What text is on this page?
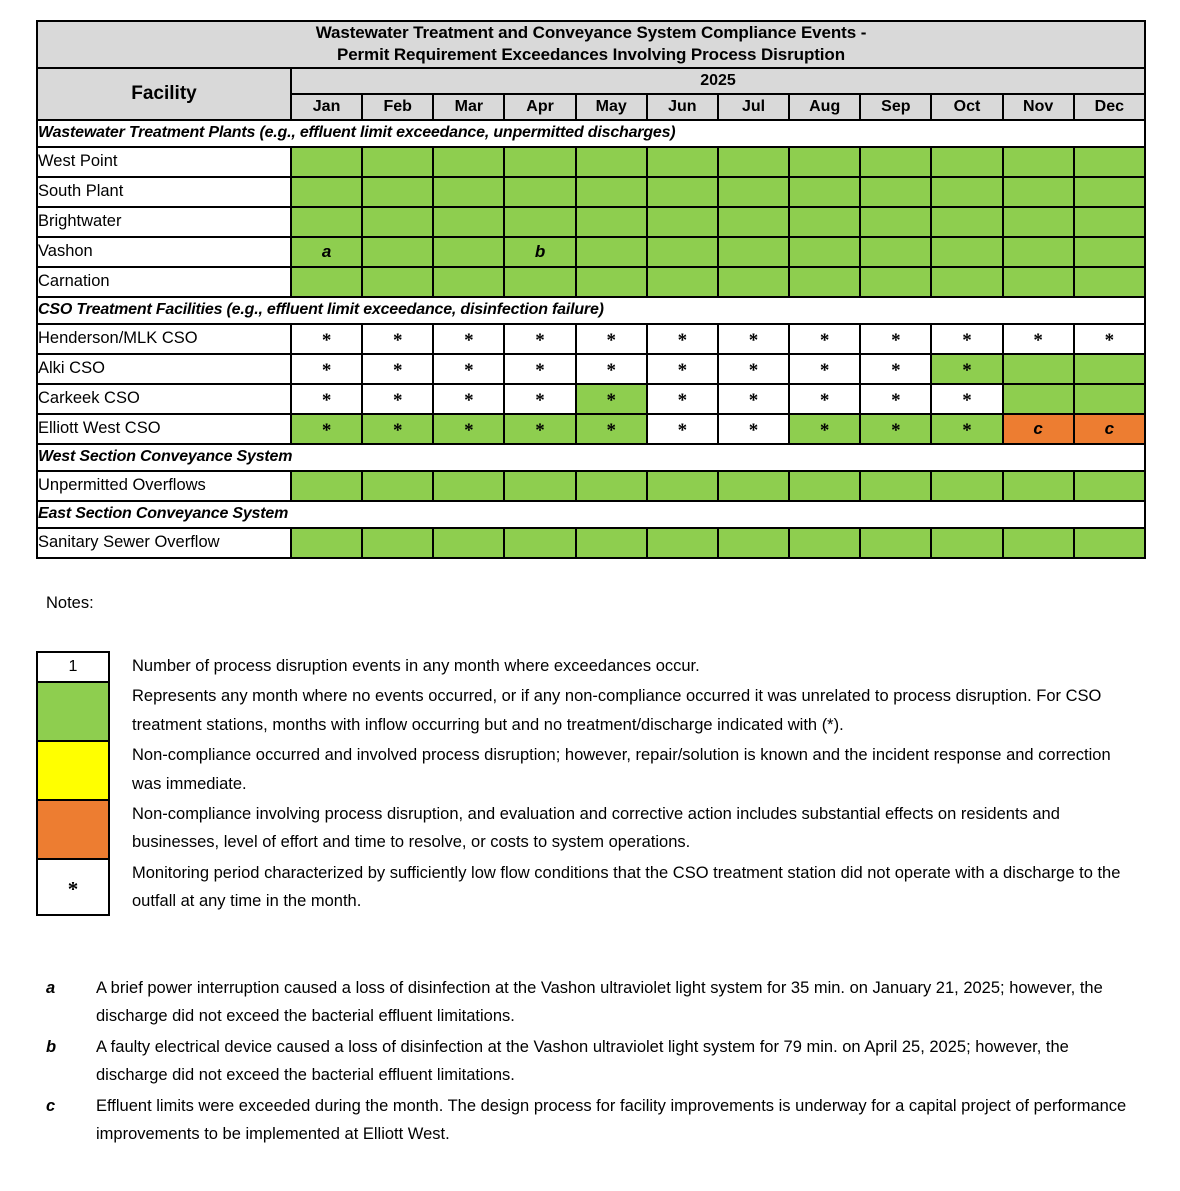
Wastewater Treatment and Conveyance System Compliance Events -
Permit Requirement Exceedances Involving Process Disruption												

Facility	2025											
	Jan	Feb	Mar	Apr	May	Jun	Jul	Aug	Sep	Oct	Nov	Dec
Wastewater Treatment Plants (e.g., effluent limit exceedance, unpermitted discharges)												
West Point												
South Plant												
Brightwater												
Vashon	a			b								
Carnation												
CSO Treatment Facilities (e.g., effluent limit exceedance, disinfection failure)												
Henderson/MLK CSO	*	*	*	*	*	*	*	*	*	*	*	*
Alki CSO	*	*	*	*	*	*	*	*	*	*		
Carkeek CSO	*	*	*	*	*	*	*	*	*	*		
Elliott West CSO	*	*	*	*	*	*	*	*	*	*	c	c
West Section Conveyance System												
Unpermitted Overflows												
East Section Conveyance System												
Sanitary Sewer Overflow												
Notes:
1	Number of process disruption events in any month where exceedances occur.
Represents any month where no events occurred, or if any non-compliance occurred it was unrelated to process disruption. For CSO treatment stations, months with inflow occurring but and no treatment/discharge indicated with (*).
Non-compliance occurred and involved process disruption; however, repair/solution is known and the incident response and correction was immediate.
Non-compliance involving process disruption, and evaluation and corrective action includes substantial effects on residents and businesses, level of effort and time to resolve, or costs to system operations.
*
Monitoring period characterized by sufficiently low flow conditions that the CSO treatment station did not operate with a discharge to the outfall at any time in the month.
a	A brief power interruption caused a loss of disinfection at the Vashon ultraviolet light system for 35 min. on January 21, 2025; however, the discharge did not exceed the bacterial effluent limitations.
b	A faulty electrical device caused a loss of disinfection at the Vashon ultraviolet light system for 79 min. on April 25, 2025; however, the discharge did not exceed the bacterial effluent limitations.
c	Effluent limits were exceeded during the month. The design process for facility improvements is underway for a capital project of performance improvements to be implemented at Elliott West.
